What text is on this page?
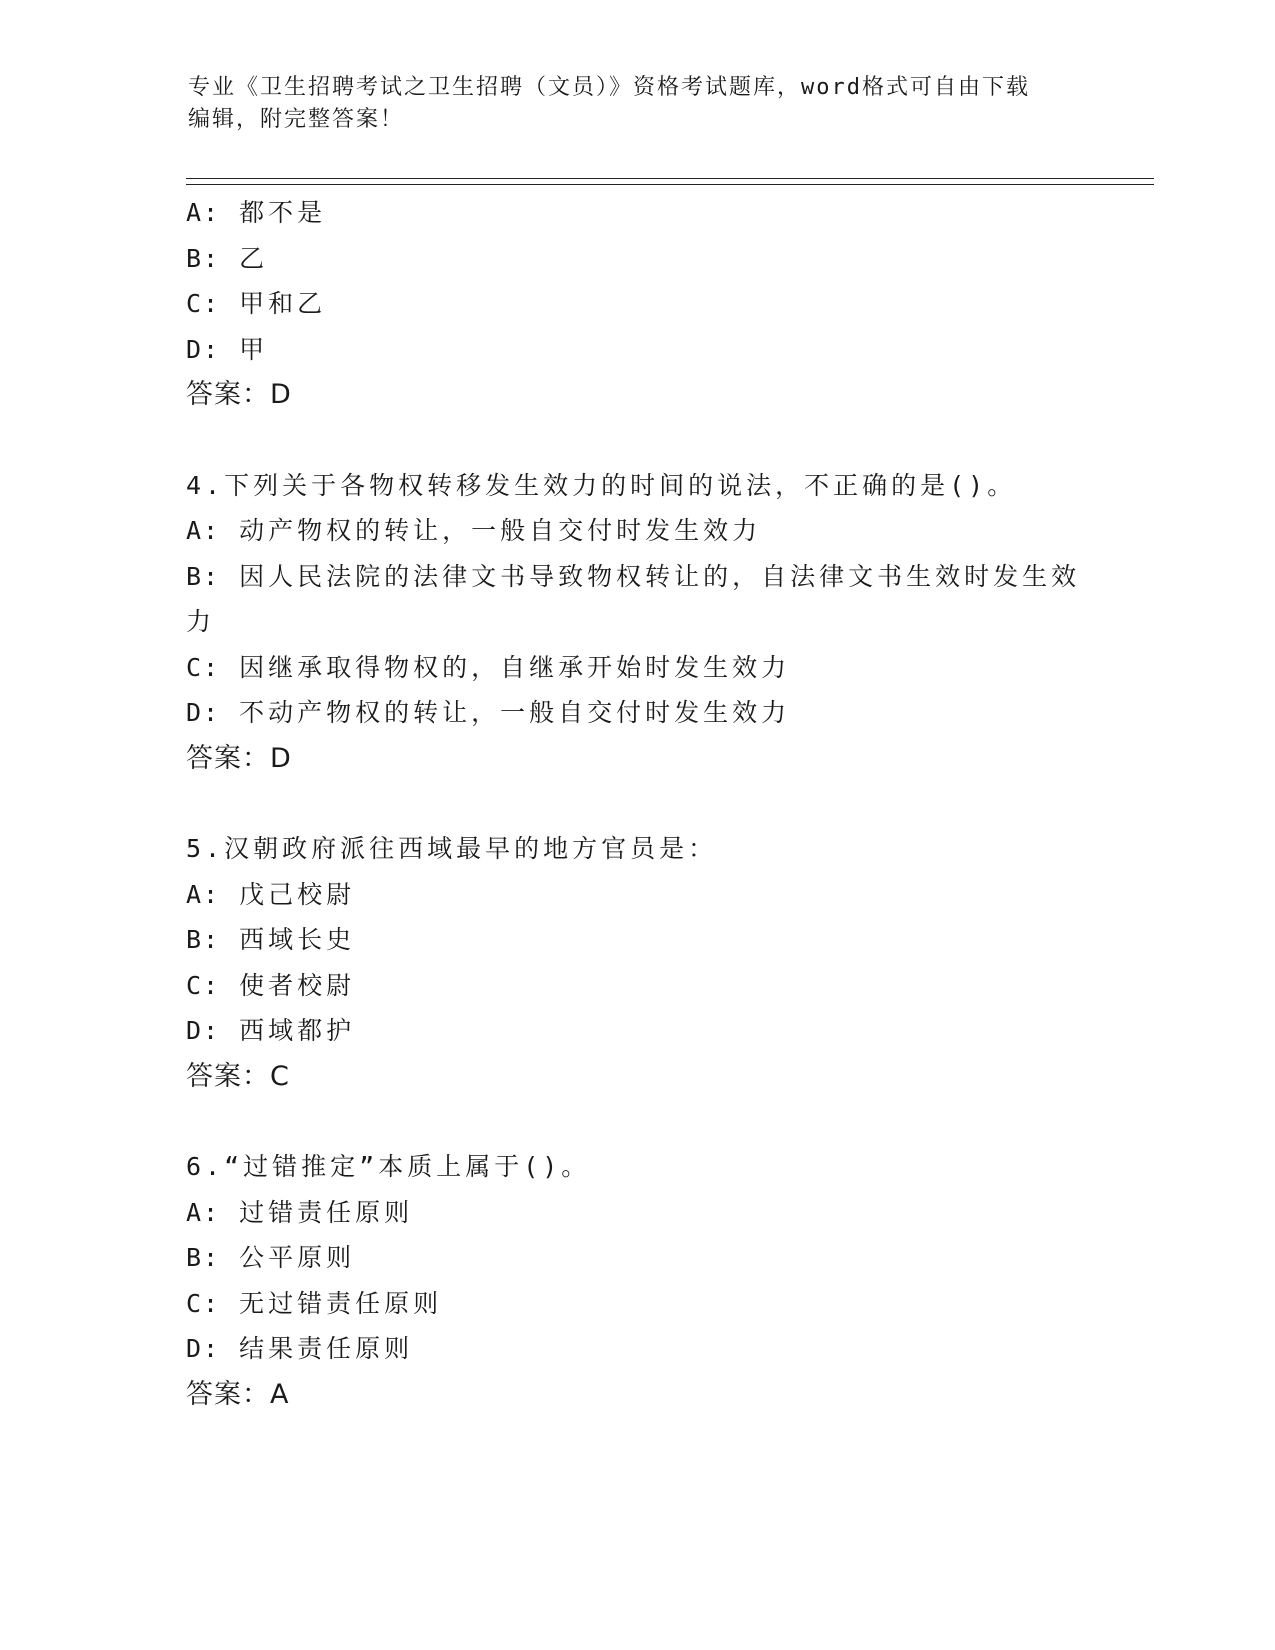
专业《卫生招聘考试之卫生招聘（文员）》资格考试题库，word格式可自由下载
编辑，附完整答案！
A: 都不是
B: 乙
C: 甲和乙
D: 甲
答案：D
4.下列关于各物权转移发生效力的时间的说法，不正确的是()。
A: 动产物权的转让，一般自交付时发生效力
B: 因人民法院的法律文书导致物权转让的，自法律文书生效时发生效
力
C: 因继承取得物权的，自继承开始时发生效力
D: 不动产物权的转让，一般自交付时发生效力
答案：D
5.汉朝政府派往西域最早的地方官员是：
A: 戊己校尉
B: 西域长史
C: 使者校尉
D: 西域都护
答案：C
6.“过错推定”本质上属于()。
A: 过错责任原则
B: 公平原则
C: 无过错责任原则
D: 结果责任原则
答案：A
